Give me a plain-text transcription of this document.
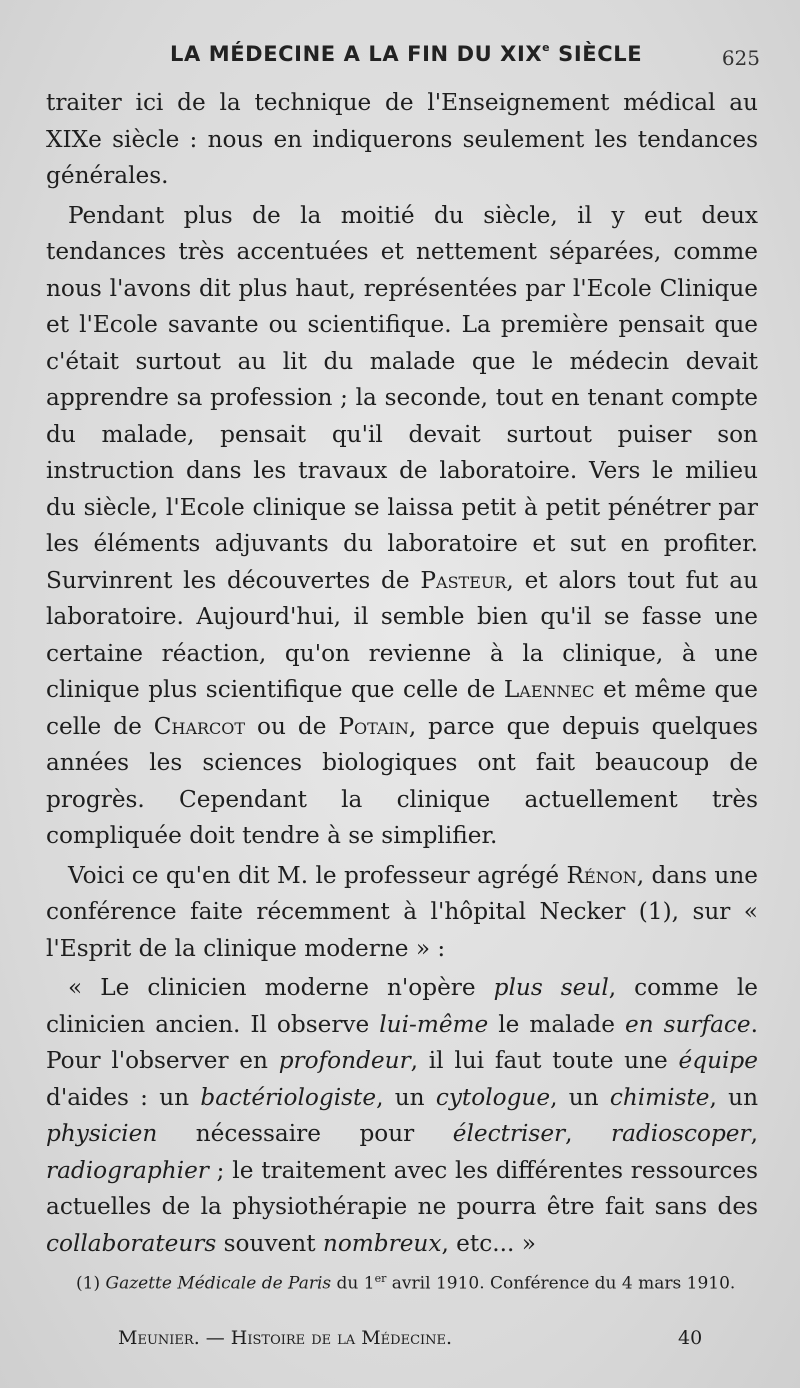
LA MÉDECINE A LA FIN DU XIXe SIÈCLE	625

traiter ici de la technique de l'Enseignement médical au XIXe siècle : nous en indiquerons seulement les tendances générales.

Pendant plus de la moitié du siècle, il y eut deux tendances très accentuées et nettement séparées, comme nous l'avons dit plus haut, représentées par l'Ecole Clinique et l'Ecole savante ou scientifique. La première pensait que c'était surtout au lit du malade que le médecin devait apprendre sa profession ; la seconde, tout en tenant compte du malade, pensait qu'il devait surtout puiser son instruction dans les travaux de laboratoire. Vers le milieu du siècle, l'Ecole clinique se laissa petit à petit pénétrer par les éléments adjuvants du laboratoire et sut en profiter. Survinrent les découvertes de Pasteur, et alors tout fut au laboratoire. Aujourd'hui, il semble bien qu'il se fasse une certaine réaction, qu'on revienne à la clinique, à une clinique plus scientifique que celle de Laennec et même que celle de Charcot ou de Potain, parce que depuis quelques années les sciences biologiques ont fait beaucoup de progrès. Cependant la clinique actuellement très compliquée doit tendre à se simplifier.

Voici ce qu'en dit M. le professeur agrégé Rénon, dans une conférence faite récemment à l'hôpital Necker (1), sur « l'Esprit de la clinique moderne » :

« Le clinicien moderne n'opère plus seul, comme le clinicien ancien. Il observe lui-même le malade en surface. Pour l'observer en profondeur, il lui faut toute une équipe d'aides : un bactériologiste, un cytologue, un chimiste, un physicien nécessaire pour électriser, radioscoper, radiographier ; le traitement avec les différentes ressources actuelles de la physiothérapie ne pourra être fait sans des collaborateurs souvent nombreux, etc... »

(1) Gazette Médicale de Paris du 1er avril 1910. Conférence du 4 mars 1910.
Meunier. — Histoire de la Médecine.	40
